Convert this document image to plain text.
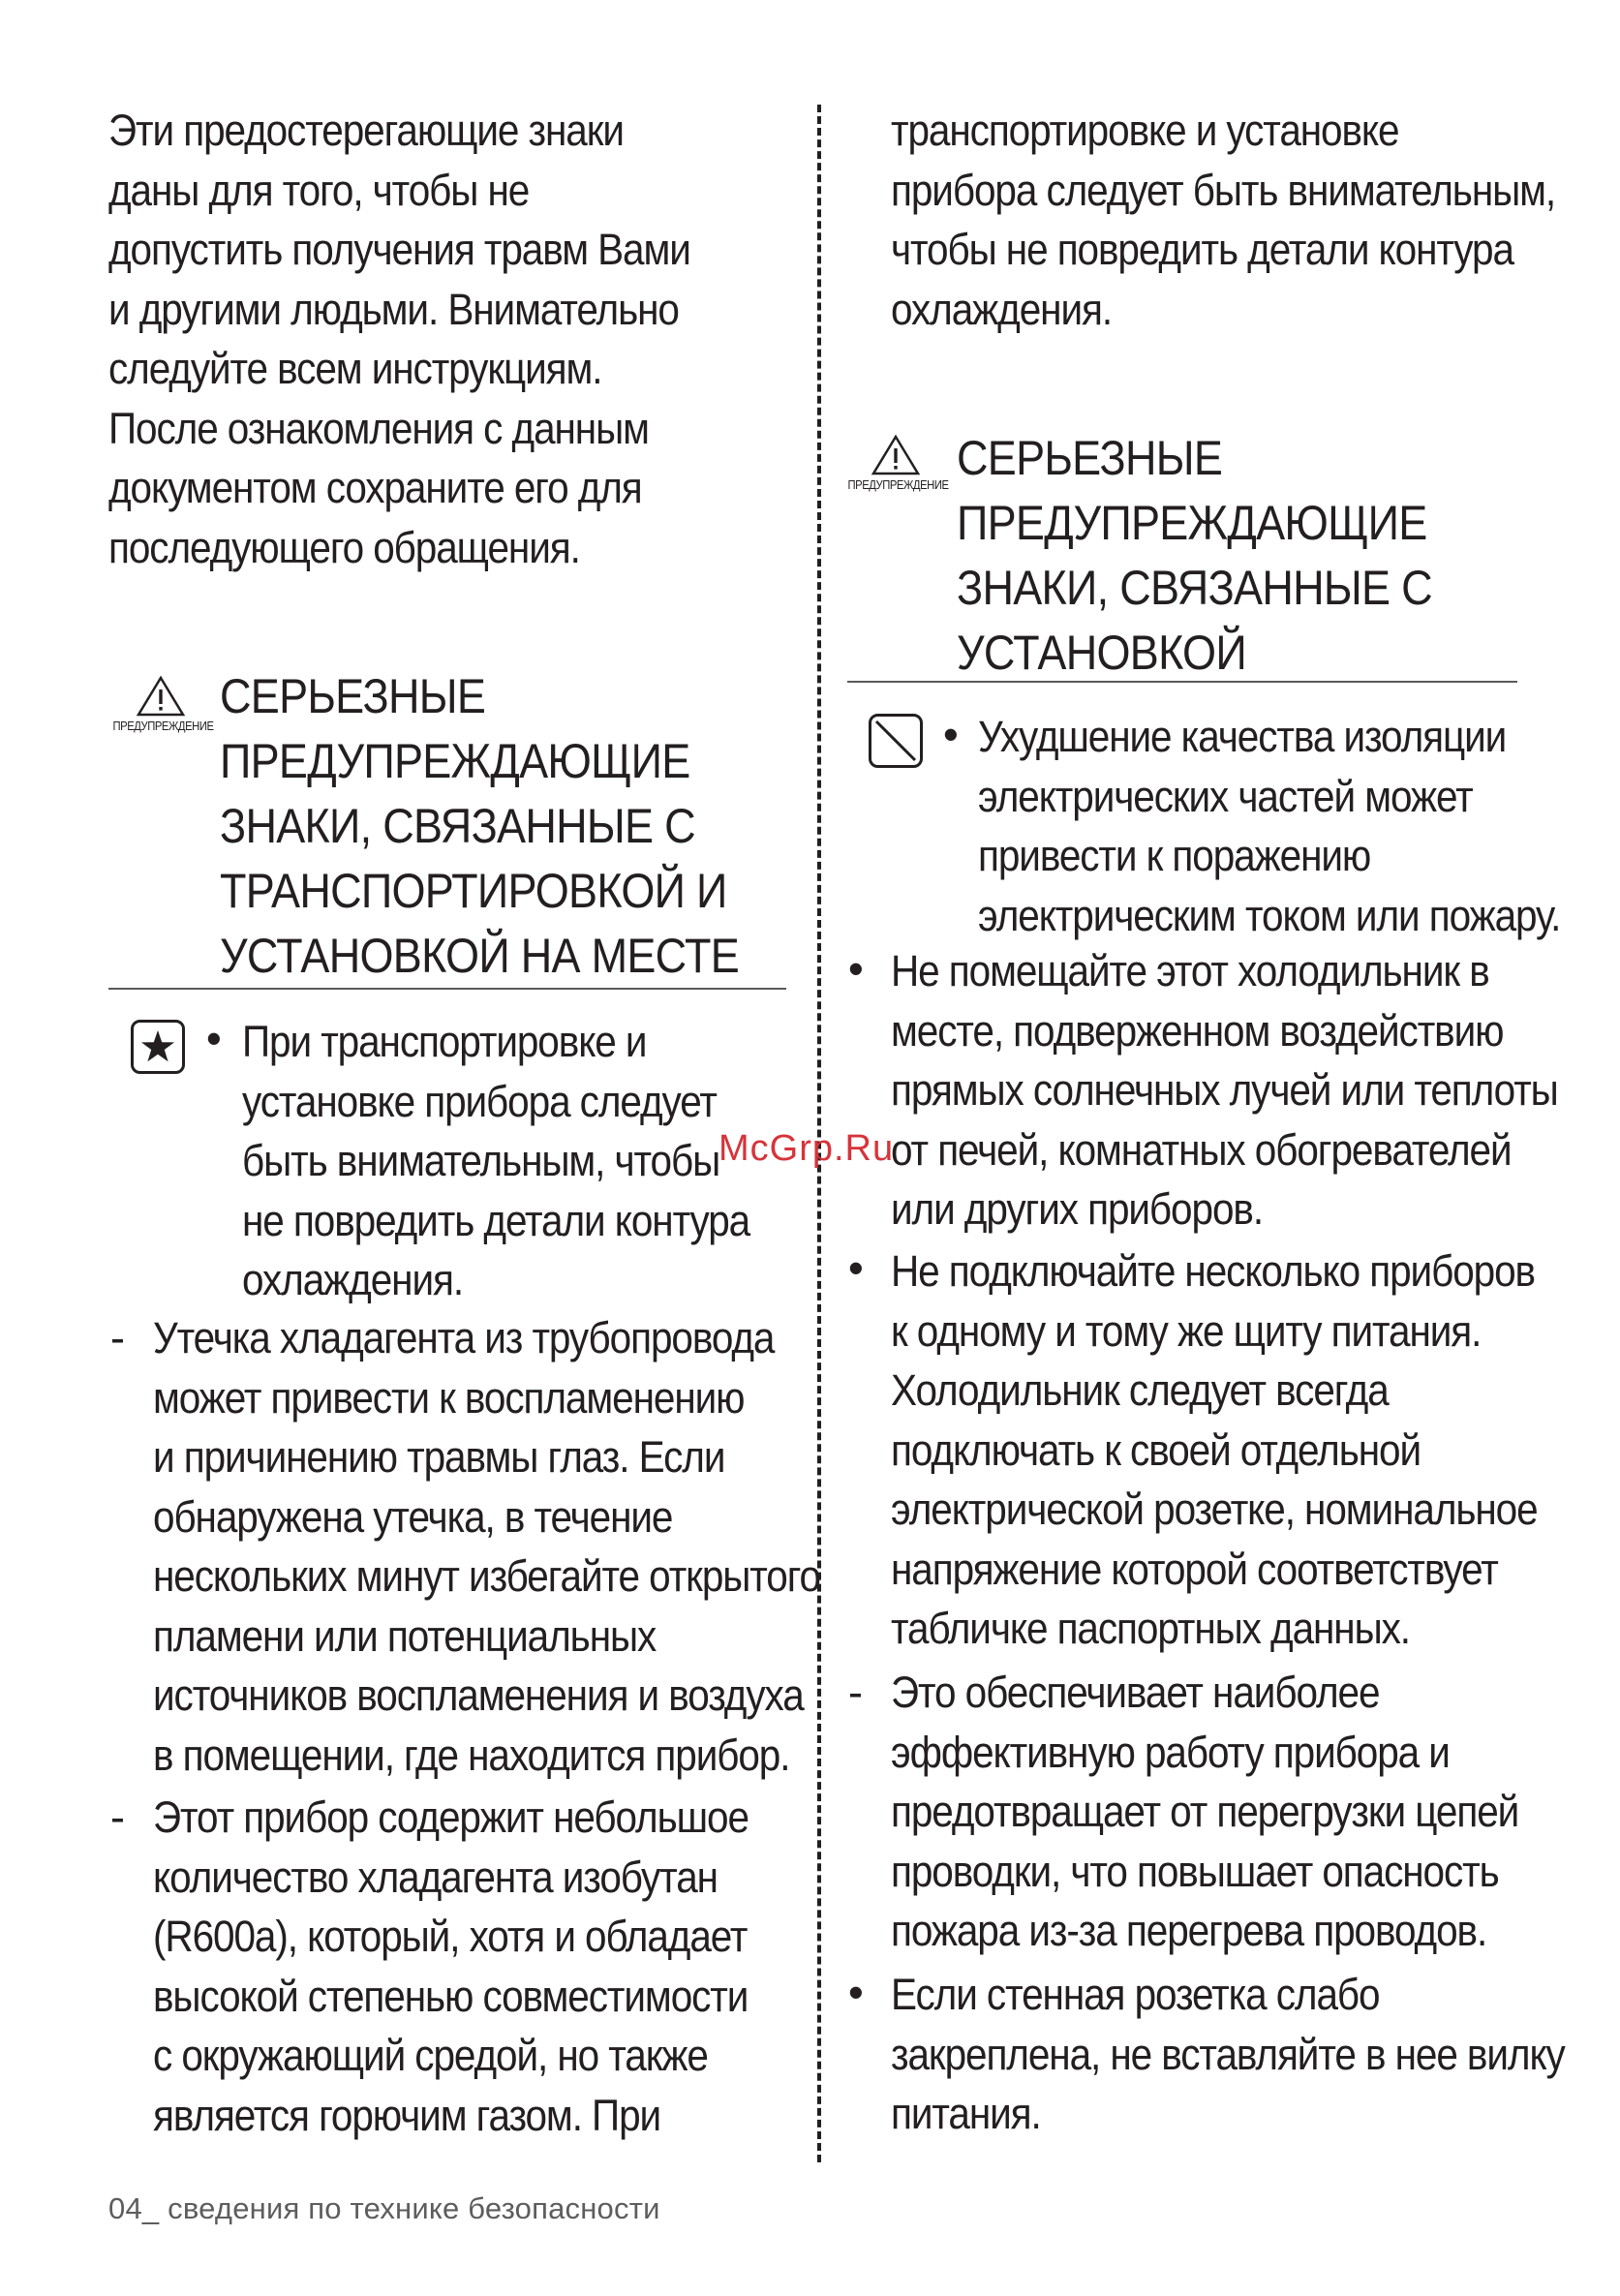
Эти предостерегающие знаки
даны для того, чтобы не
допустить получения травм Вами
и другими людьми. Внимательно
следуйте всем инструкциям.
После ознакомления с данным
документом сохраните его для
последующего обращения.
ПРЕДУПРЕЖДЕНИЕ
СЕРЬЕЗНЫЕ
ПРЕДУПРЕЖДАЮЩИЕ
ЗНАКИ, СВЯЗАННЫЕ С
ТРАНСПОРТИРОВКОЙ И
УСТАНОВКОЙ НА МЕСТЕ
• При транспортировке и
установке прибора следует
быть внимательным, чтобы
не повредить детали контура
охлаждения.
- Утечка хладагента из трубопровода
может привести к воспламенению
и причинению травмы глаз. Если
обнаружена утечка, в течение
нескольких минут избегайте открытого
пламени или потенциальных
источников воспламенения и воздуха
в помещении, где находится прибор.
- Этот прибор содержит небольшое
количество хладагента изобутан
(R600a), который, хотя и обладает
высокой степенью совместимости
с окружающий средой, но также
является горючим газом. При
транспортировке и установке
прибора следует быть внимательным,
чтобы не повредить детали контура
охлаждения.
ПРЕДУПРЕЖДЕНИЕ СЕРЬЕЗНЫЕ
ПРЕДУПРЕЖДАЮЩИЕ
ЗНАКИ, СВЯЗАННЫЕ С
УСТАНОВКОЙ
• Ухудшение качества изоляции
электрических частей может
привести к поражению
электрическим током или пожару.
• Не помещайте этот холодильник в
месте, подверженном воздействию
прямых солнечных лучей или теплоты
от печей, комнатных обогревателей
или других приборов.
• Не подключайте несколько приборов
к одному и тому же щиту питания.
Холодильник следует всегда
подключать к своей отдельной
электрической розетке, номинальное
напряжение которой соответствует
табличке паспортных данных.
- Это обеспечивает наиболее
эффективную работу прибора и
предотвращает от перегрузки цепей
проводки, что повышает опасность
пожара из-за перегрева проводов.
• Если стенная розетка слабо
закреплена, не вставляйте в нее вилку
питания.
McGrp.Ru
04_ сведения по технике безопасности
